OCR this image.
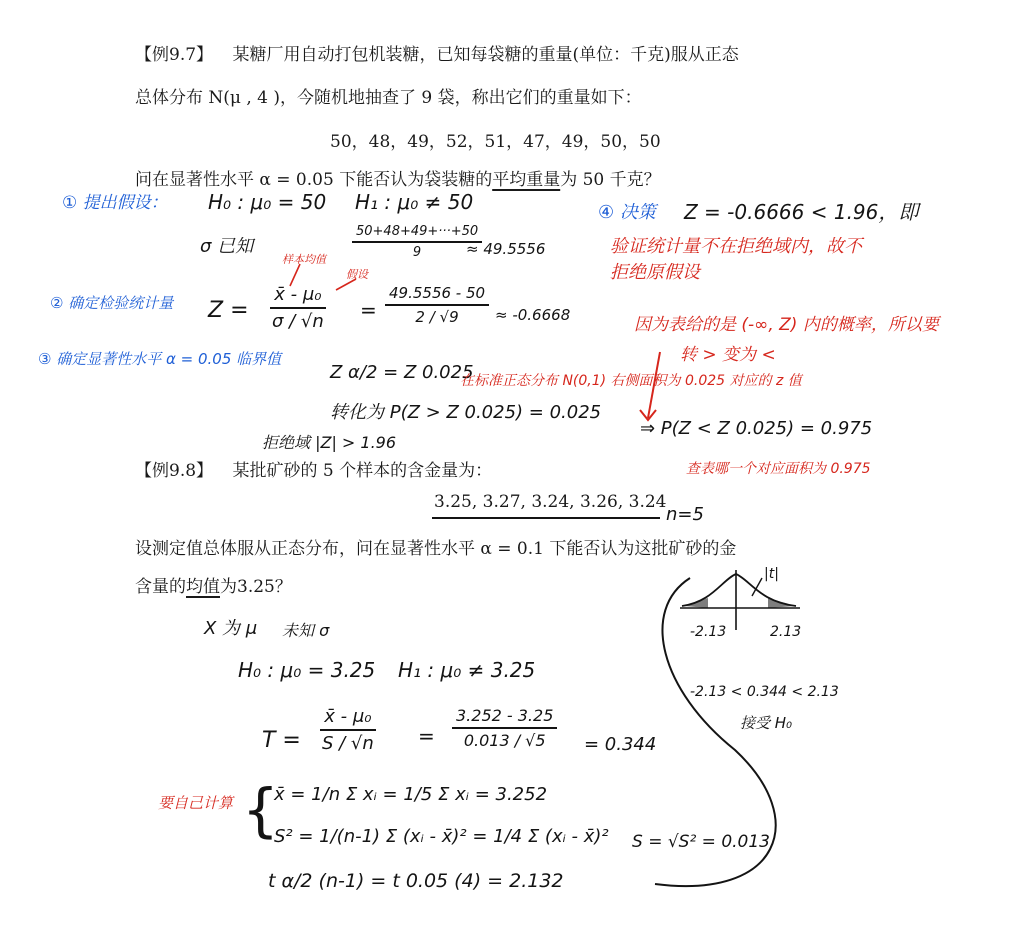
【例9.7】 某糖厂用自动打包机装糖，已知每袋糖的重量(单位：千克)服从正态
总体分布 N(μ , 4 )，今随机地抽查了 9 袋，称出它们的重量如下：
50，48，49，52，51，47，49，50，50
问在显著性水平 α = 0.05 下能否认为袋装糖的平均重量为 50 千克？
① 提出假设： H₀ : μ₀ = 50 H₁ : μ₀ ≠ 50
σ 已知	$\frac{50+48+49+\cdot\cdot\cdot+50}{9}$
≈ 49.5556
样本均值
假设
② 确定检验统计量 $Z = \frac{\text{x̄ - μ₀}}{\sigma / √n} = \frac{49.5556 - 50}{2 / √9} \approx -0.6668$
③ 确定显著性水平 α = 0.05 临界值
Z α/2 = Z 0.025
在标准正态分布 N(0,1) 右侧面积为 0.025 对应的 z 值
转化为 P(Z > Z 0.025) = 0.025
⇒ P(Z < Z 0.025) = 0.975
拒绝域 |Z| > 1.96
④ 决策 Z = -0.6666 < 1.96，即
验证统计量不在拒绝域内，故不
拒绝原假设
因为表给的是 (-∞, Z) 内的概率，所以要
转 > 变为 <
查表哪一个对应面积为 0.975
【例9.8】 某批矿砂的 5 个样本的含金量为：
3.25, 3.27, 3.24, 3.26, 3.24
n=5
设测定值总体服从正态分布，问在显著性水平 α = 0.1 下能否认为这批矿砂的金
含量的均值为3.25？
X 为 μ 未知 σ
H₀ : μ₀ = 3.25 H₁ : μ₀ ≠ 3.25
$T = \frac{\text{x̄ - μ₀}}{S / √n} = \frac{3.252 - 3.25}{0.013 / √5} = 0.344$
要自己计算 {
x̄ = 1/n Σ xᵢ = 1/5 Σ xᵢ = 3.252
S² = 1/(n-1) Σ (xᵢ - x̄)² = 1/4 Σ (xᵢ - x̄)² S = √S² = 0.013
t α/2 (n-1) = t 0.05 (4) = 2.132
|t|
-2.13	2.13
-2.13 < 0.344 < 2.13
接受 H₀
